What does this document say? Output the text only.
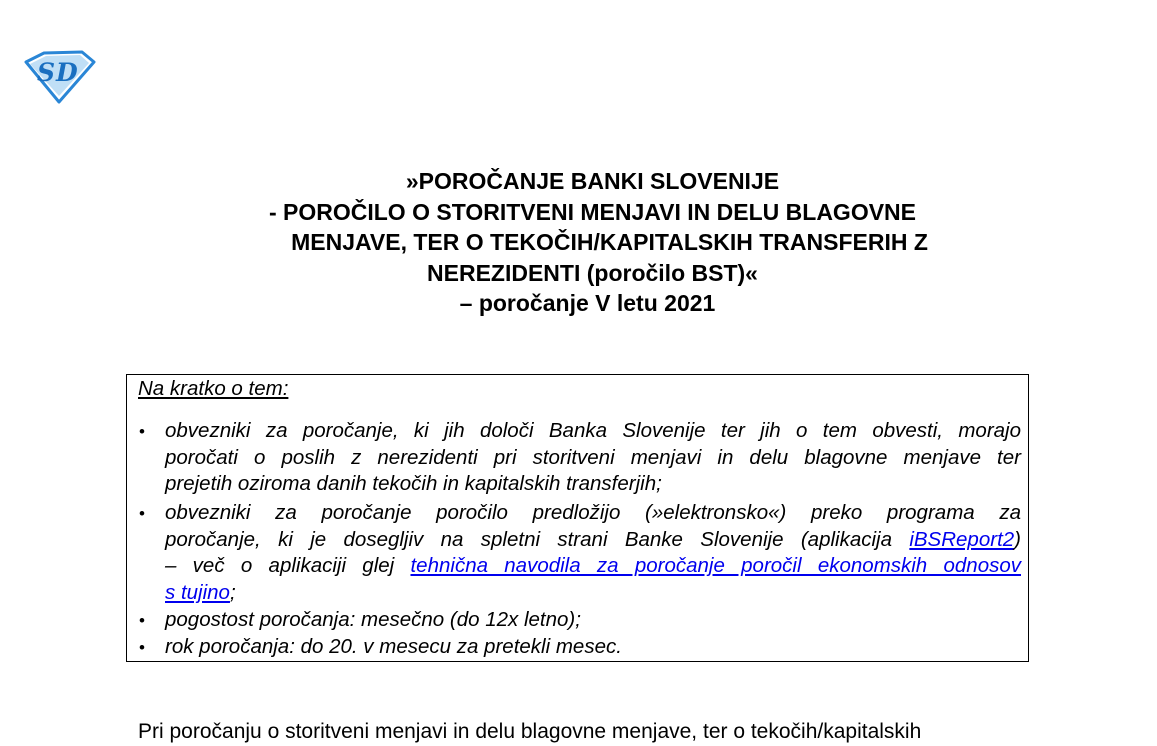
S D
»POROČANJE BANKI SLOVENIJE
- POROČILO O STORITVENI MENJAVI IN DELU BLAGOVNE
MENJAVE, TER O TEKOČIH/KAPITALSKIH TRANSFERIH Z
NEREZIDENTI (poročilo BST)«
– poročanje V letu 2021
Na kratko o tem:
• obvezniki za poročanje, ki jih določi Banka Slovenije ter jih o tem obvesti, morajo
poročati o poslih z nerezidenti pri storitveni menjavi in delu blagovne menjave ter
prejetih oziroma danih tekočih in kapitalskih transferjih;
• obvezniki za poročanje poročilo predložijo (»elektronsko«) preko programa za
poročanje, ki je dosegljiv na spletni strani Banke Slovenije (aplikacija iBSReport2)
– več o aplikaciji glej tehnična navodila za poročanje poročil ekonomskih odnosov
s tujino;
• pogostost poročanja: mesečno (do 12x letno);
• rok poročanja: do 20. v mesecu za pretekli mesec.
Pri poročanju o storitveni menjavi in delu blagovne menjave, ter o tekočih/kapitalskih
